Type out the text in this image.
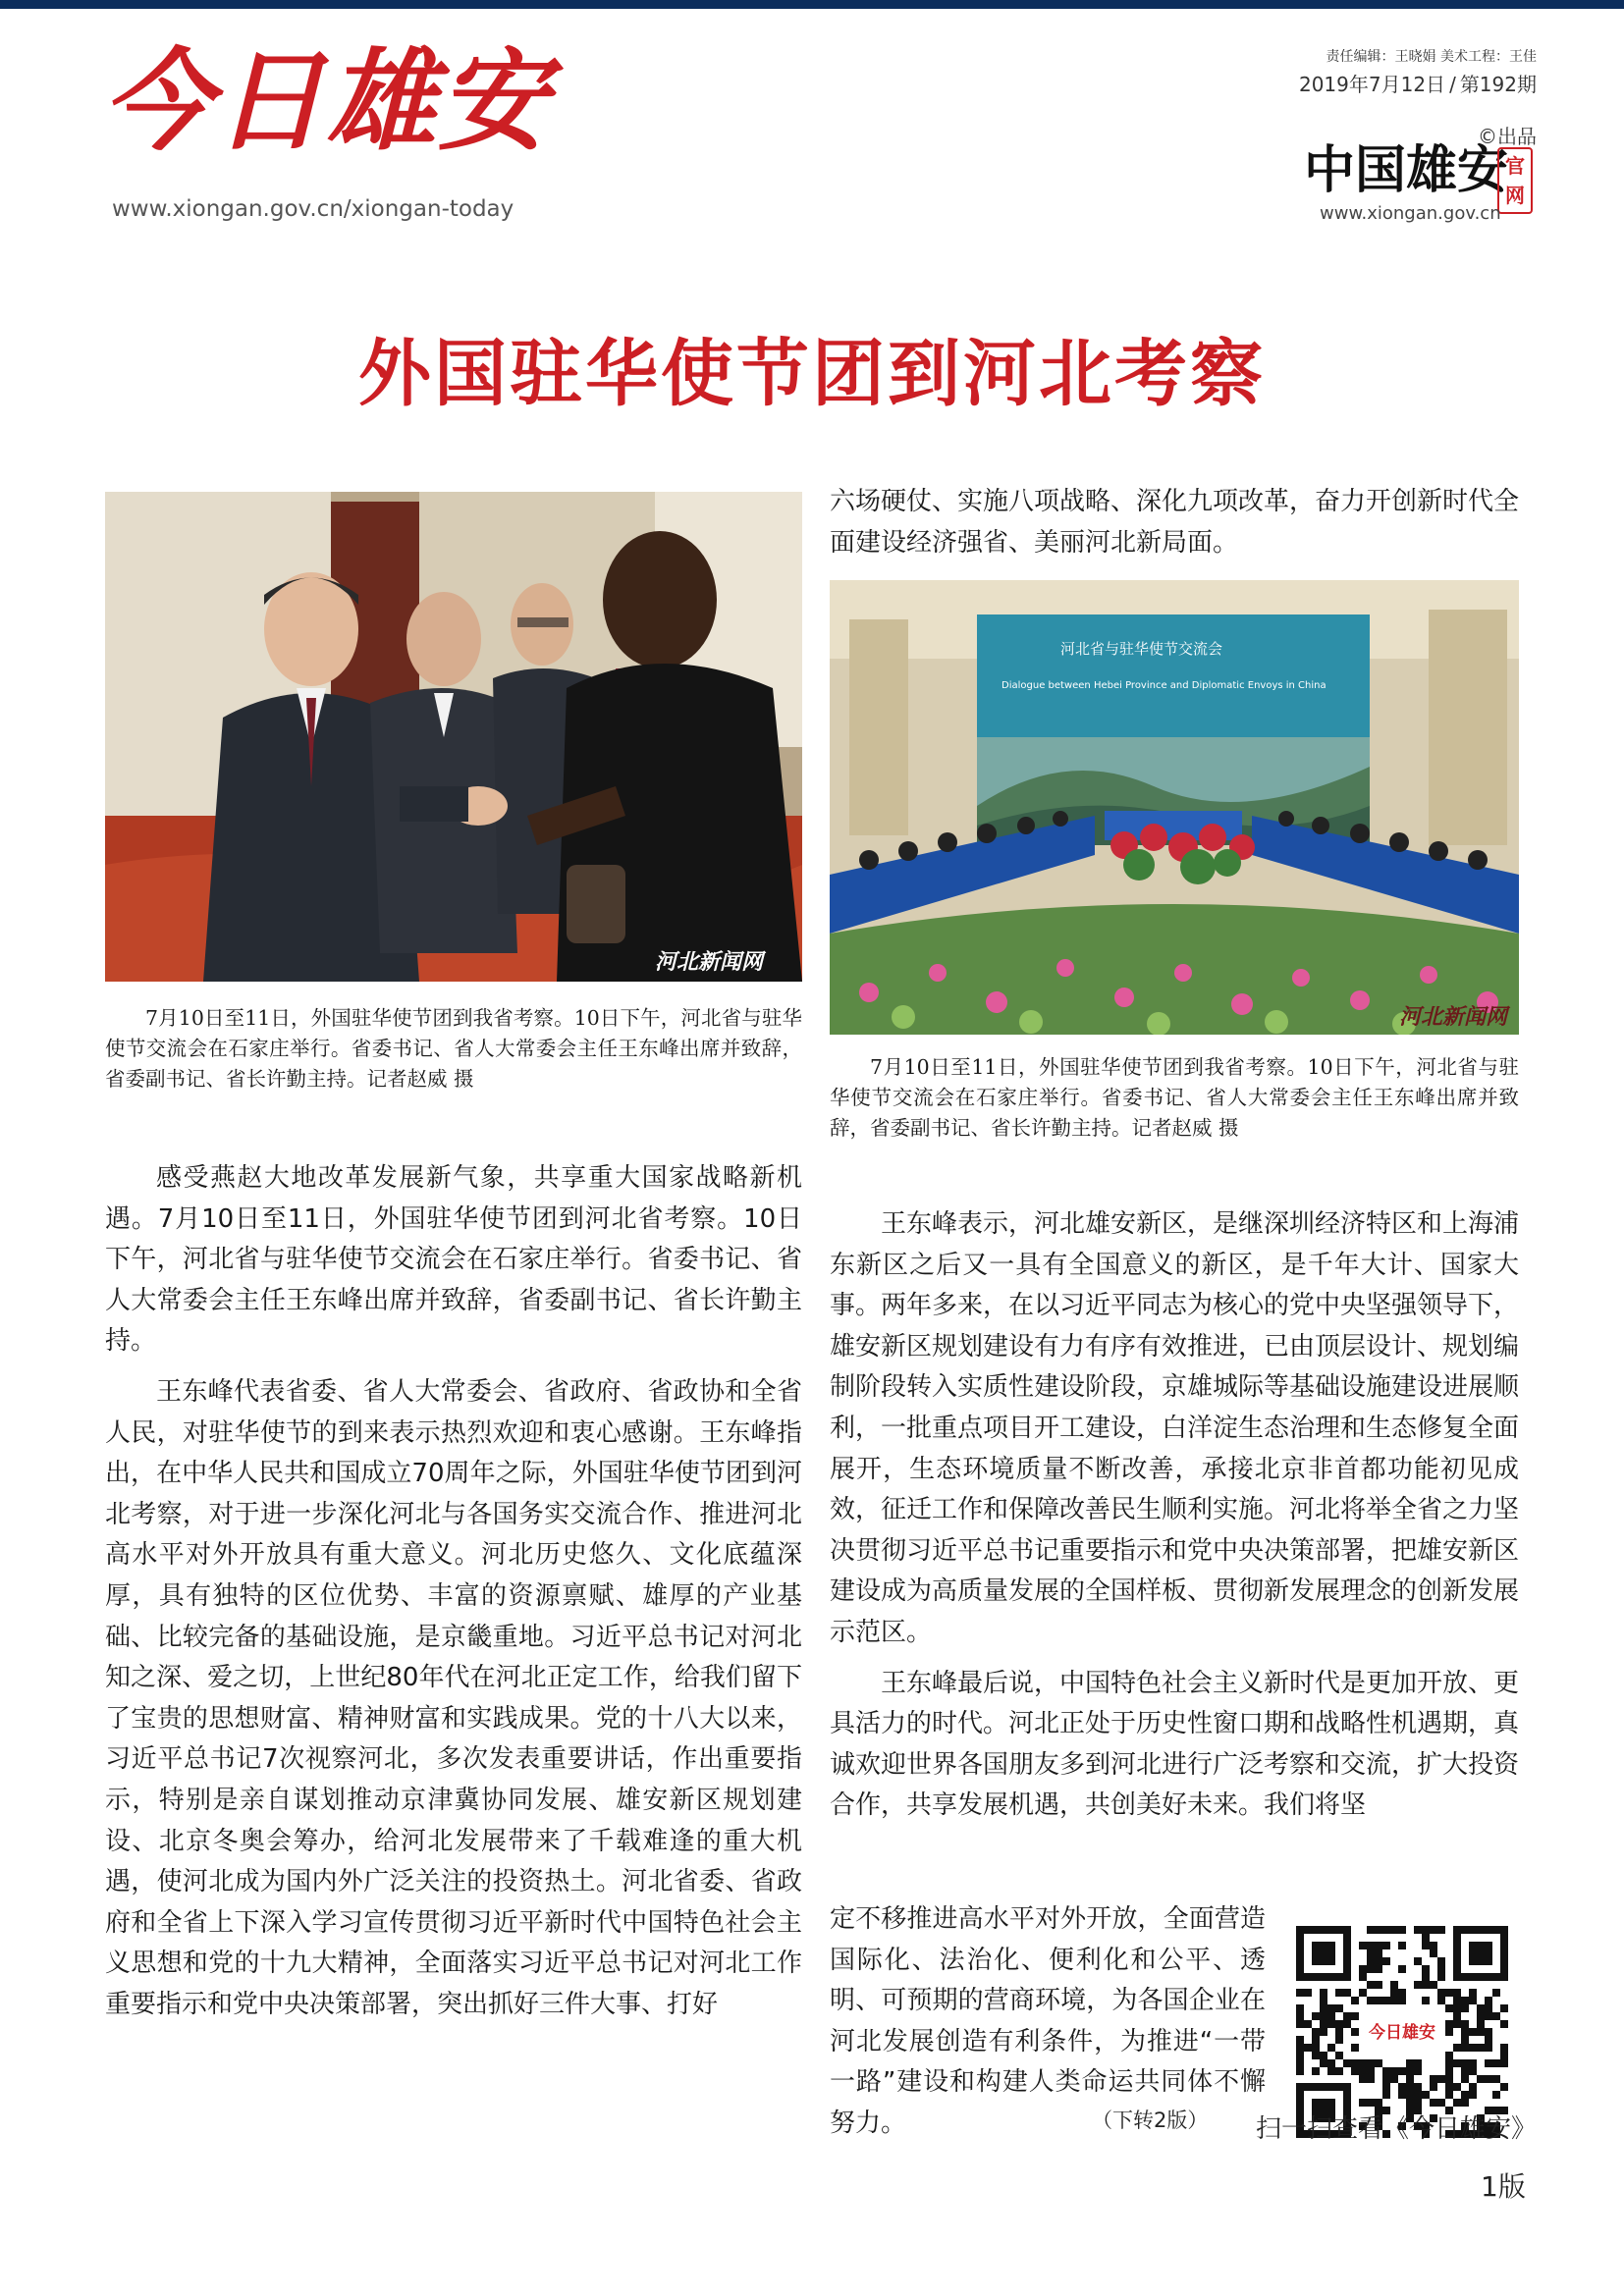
今日雄安
www.xiongan.gov.cn/xiongan-today
责任编辑：王晓娟 美术工程：王佳
2019年7月12日 / 第192期
©出品
中国雄安
官网
www.xiongan.gov.cn
外国驻华使节团到河北考察
河北新闻网

7月10日至11日，外国驻华使节团到我省考察。10日下午，河北省与驻华使节交流会在石家庄举行。省委书记、省人大常委会主任王东峰出席并致辞，省委副书记、省长许勤主持。记者赵威 摄

六场硬仗、实施八项战略、深化九项改革，奋力开创新时代全面建设经济强省、美丽河北新局面。

河北省与驻华使节交流会
Dialogue between Hebei Province and Diplomatic Envoys in China
河北新闻网

7月10日至11日，外国驻华使节团到我省考察。10日下午，河北省与驻华使节交流会在石家庄举行。省委书记、省人大常委会主任王东峰出席并致辞，省委副书记、省长许勤主持。记者赵威 摄

感受燕赵大地改革发展新气象，共享重大国家战略新机遇。7月10日至11日，外国驻华使节团到河北省考察。10日下午，河北省与驻华使节交流会在石家庄举行。省委书记、省人大常委会主任王东峰出席并致辞，省委副书记、省长许勤主持。

王东峰代表省委、省人大常委会、省政府、省政协和全省人民，对驻华使节的到来表示热烈欢迎和衷心感谢。王东峰指出，在中华人民共和国成立70周年之际，外国驻华使节团到河北考察，对于进一步深化河北与各国务实交流合作、推进河北高水平对外开放具有重大意义。河北历史悠久、文化底蕴深厚，具有独特的区位优势、丰富的资源禀赋、雄厚的产业基础、比较完备的基础设施，是京畿重地。习近平总书记对河北知之深、爱之切，上世纪80年代在河北正定工作，给我们留下了宝贵的思想财富、精神财富和实践成果。党的十八大以来，习近平总书记7次视察河北，多次发表重要讲话，作出重要指示，特别是亲自谋划推动京津冀协同发展、雄安新区规划建设、北京冬奥会筹办，给河北发展带来了千载难逢的重大机遇，使河北成为国内外广泛关注的投资热土。河北省委、省政府和全省上下深入学习宣传贯彻习近平新时代中国特色社会主义思想和党的十九大精神，全面落实习近平总书记对河北工作重要指示和党中央决策部署，突出抓好三件大事、打好

王东峰表示，河北雄安新区，是继深圳经济特区和上海浦东新区之后又一具有全国意义的新区，是千年大计、国家大事。两年多来，在以习近平同志为核心的党中央坚强领导下，雄安新区规划建设有力有序有效推进，已由顶层设计、规划编制阶段转入实质性建设阶段，京雄城际等基础设施建设进展顺利，一批重点项目开工建设，白洋淀生态治理和生态修复全面展开，生态环境质量不断改善，承接北京非首都功能初见成效，征迁工作和保障改善民生顺利实施。河北将举全省之力坚决贯彻习近平总书记重要指示和党中央决策部署，把雄安新区建设成为高质量发展的全国样板、贯彻新发展理念的创新发展示范区。

王东峰最后说，中国特色社会主义新时代是更加开放、更具活力的时代。河北正处于历史性窗口期和战略性机遇期，真诚欢迎世界各国朋友多到河北进行广泛考察和交流，扩大投资合作，共享发展机遇，共创美好未来。我们将坚

定不移推进高水平对外开放，全面营造国际化、法治化、便利化和公平、透明、可预期的营商环境，为各国企业在河北发展创造有利条件，为推进“一带一路”建设和构建人类命运共同体不懈努力。	（下转2版）
今日雄安
扫一扫查看《今日雄安》
1版
